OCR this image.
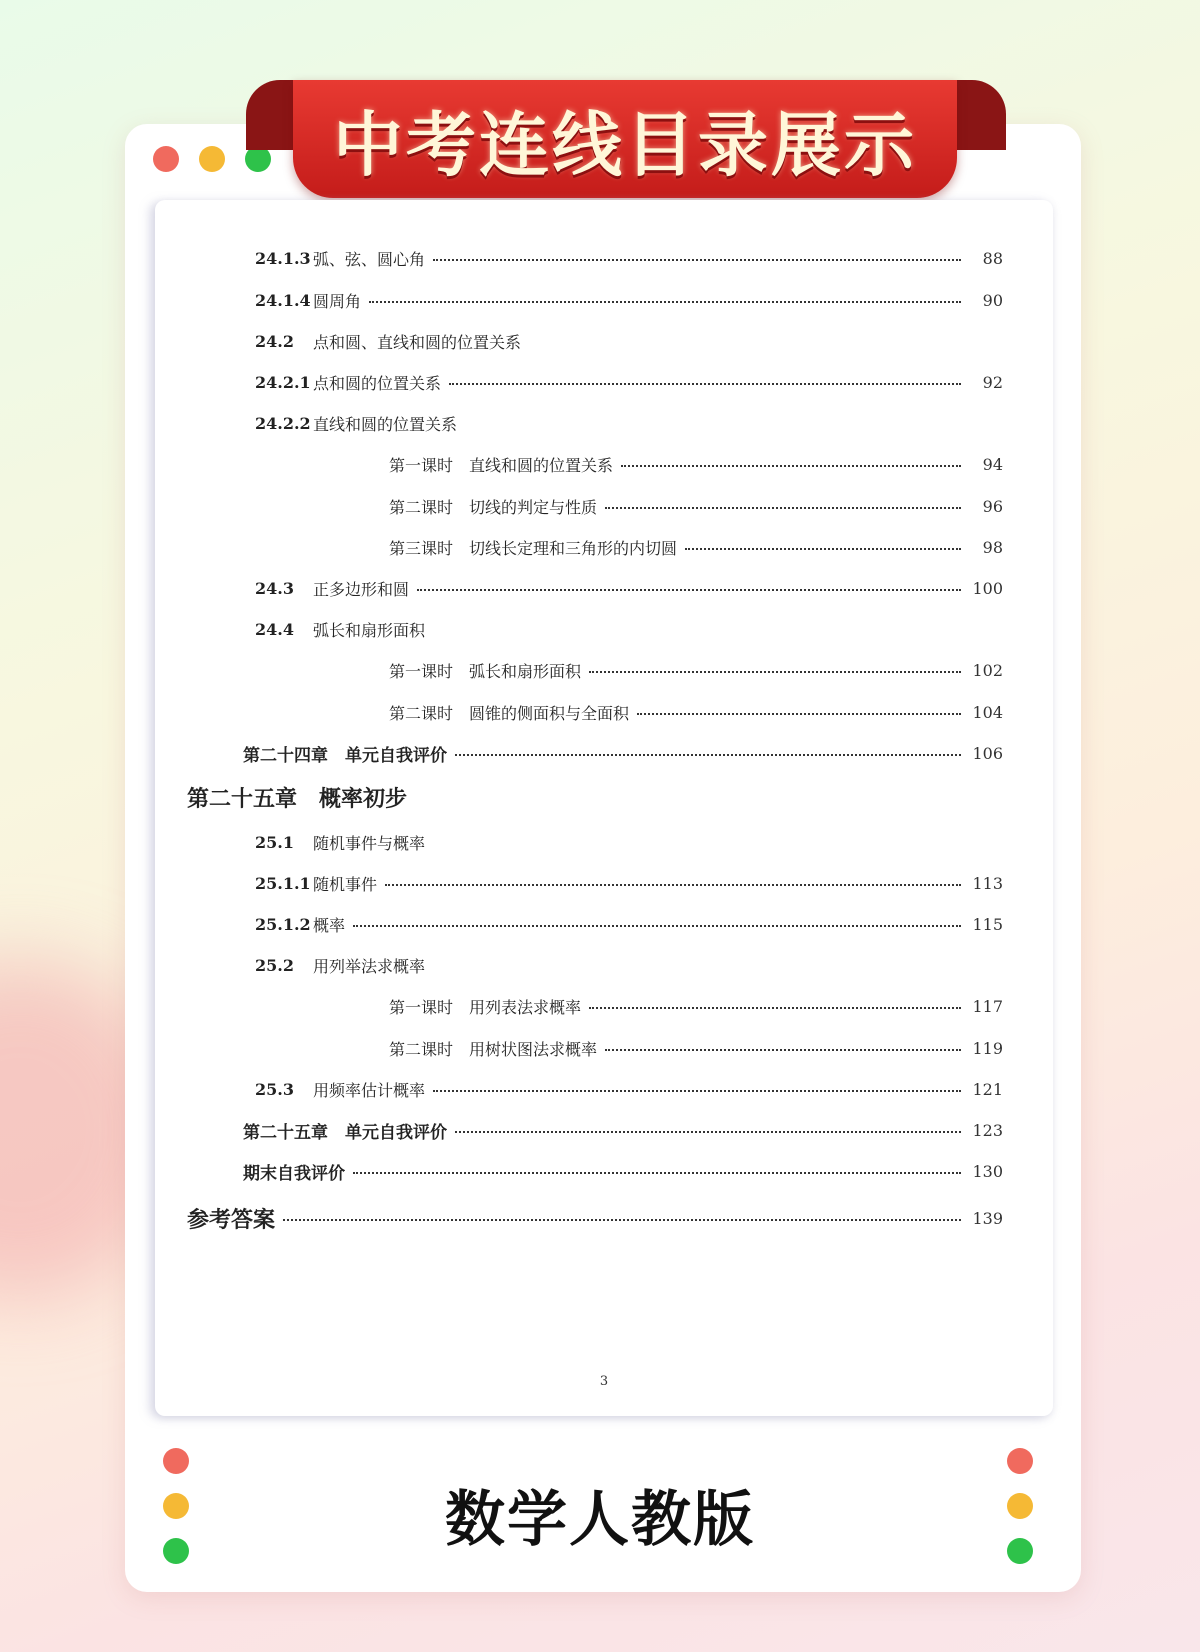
中考连线目录展示
24.1.3 弧、弦、圆心角	88
24.1.4 圆周角	90
24.2 点和圆、直线和圆的位置关系
24.2.1 点和圆的位置关系	92
24.2.2 直线和圆的位置关系
第一课时　直线和圆的位置关系	94
第二课时　切线的判定与性质	96
第三课时　切线长定理和三角形的内切圆	98
24.3 正多边形和圆	100
24.4 弧长和扇形面积
第一课时　弧长和扇形面积	102
第二课时　圆锥的侧面积与全面积	104
第二十四章　单元自我评价	106
第二十五章　概率初步
25.1 随机事件与概率
25.1.1 随机事件	113
25.1.2 概率	115
25.2 用列举法求概率
第一课时　用列表法求概率	117
第二课时　用树状图法求概率	119
25.3 用频率估计概率	121
第二十五章　单元自我评价	123
期末自我评价	130
参考答案	139
3
数学人教版
